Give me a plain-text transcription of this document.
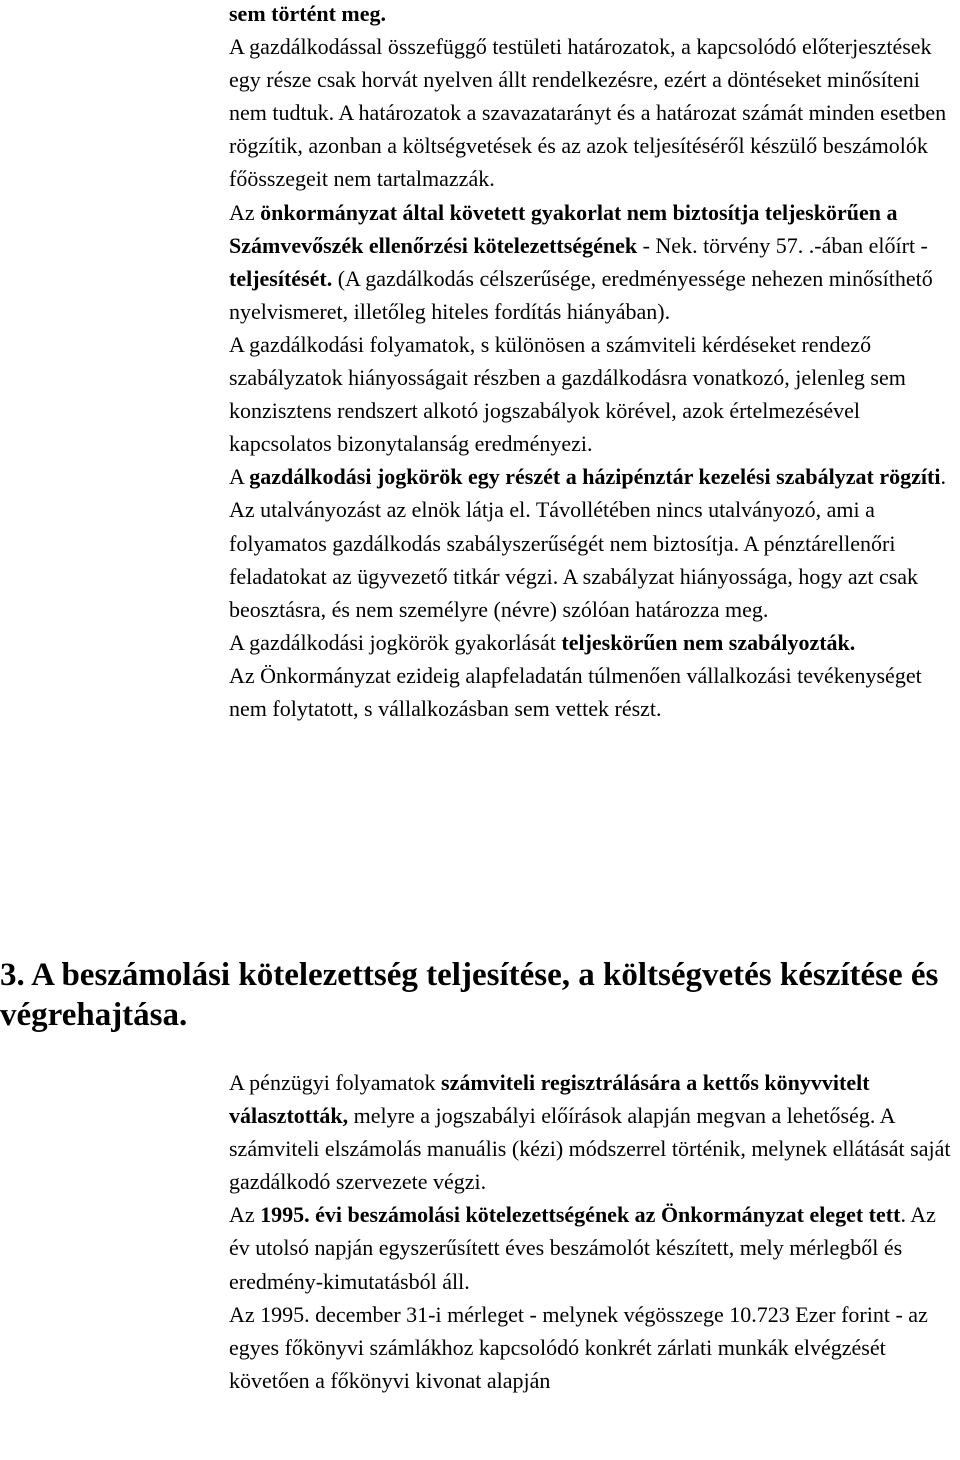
sem történt meg.

A gazdálkodással összefüggő testületi határozatok, a kapcsolódó előterjesztések egy része csak horvát nyelven állt rendelkezésre, ezért a döntéseket minősíteni nem tudtuk. A határozatok a szavazatarányt és a határozat számát minden esetben rögzítik, azonban a költségvetések és az azok teljesítéséről készülő beszámolók főösszegeit nem tartalmazzák.

Az önkormányzat által követett gyakorlat nem biztosítja teljeskörűen a Számvevőszék ellenőrzési kötelezettségének - Nek. törvény 57. .-ában előírt - teljesítését. (A gazdálkodás célszerűsége, eredményessége nehezen minősíthető nyelvismeret, illetőleg hiteles fordítás hiányában).

A gazdálkodási folyamatok, s különösen a számviteli kérdéseket rendező szabályzatok hiányosságait részben a gazdálkodásra vonatkozó, jelenleg sem konzisztens rendszert alkotó jogszabályok körével, azok értelmezésével kapcsolatos bizonytalanság eredményezi.

A gazdálkodási jogkörök egy részét a házipénztár kezelési szabályzat rögzíti. Az utalványozást az elnök látja el. Távollétében nincs utalványozó, ami a folyamatos gazdálkodás szabályszerűségét nem biztosítja. A pénztárellenőri feladatokat az ügyvezető titkár végzi. A szabályzat hiányossága, hogy azt csak beosztásra, és nem személyre (névre) szólóan határozza meg.

A gazdálkodási jogkörök gyakorlását teljeskörűen nem szabályozták.

Az Önkormányzat ezideig alapfeladatán túlmenően vállalkozási tevékenységet nem folytatott, s vállalkozásban sem vettek részt.

3. A beszámolási kötelezettség teljesítése, a költségvetés készítése és végrehajtása.

A pénzügyi folyamatok számviteli regisztrálására a kettős könyvvitelt választották, melyre a jogszabályi előírások alapján megvan a lehetőség. A számviteli elszámolás manuális (kézi) módszerrel történik, melynek ellátását saját gazdálkodó szervezete végzi.

Az 1995. évi beszámolási kötelezettségének az Önkormányzat eleget tett. Az év utolsó napján egyszerűsített éves beszámolót készített, mely mérlegből és eredmény-kimutatásból áll.

Az 1995. december 31-i mérleget - melynek végösszege 10.723 Ezer forint - az egyes főkönyvi számlákhoz kapcsolódó konkrét zárlati munkák elvégzését követően a főkönyvi kivonat alapján
